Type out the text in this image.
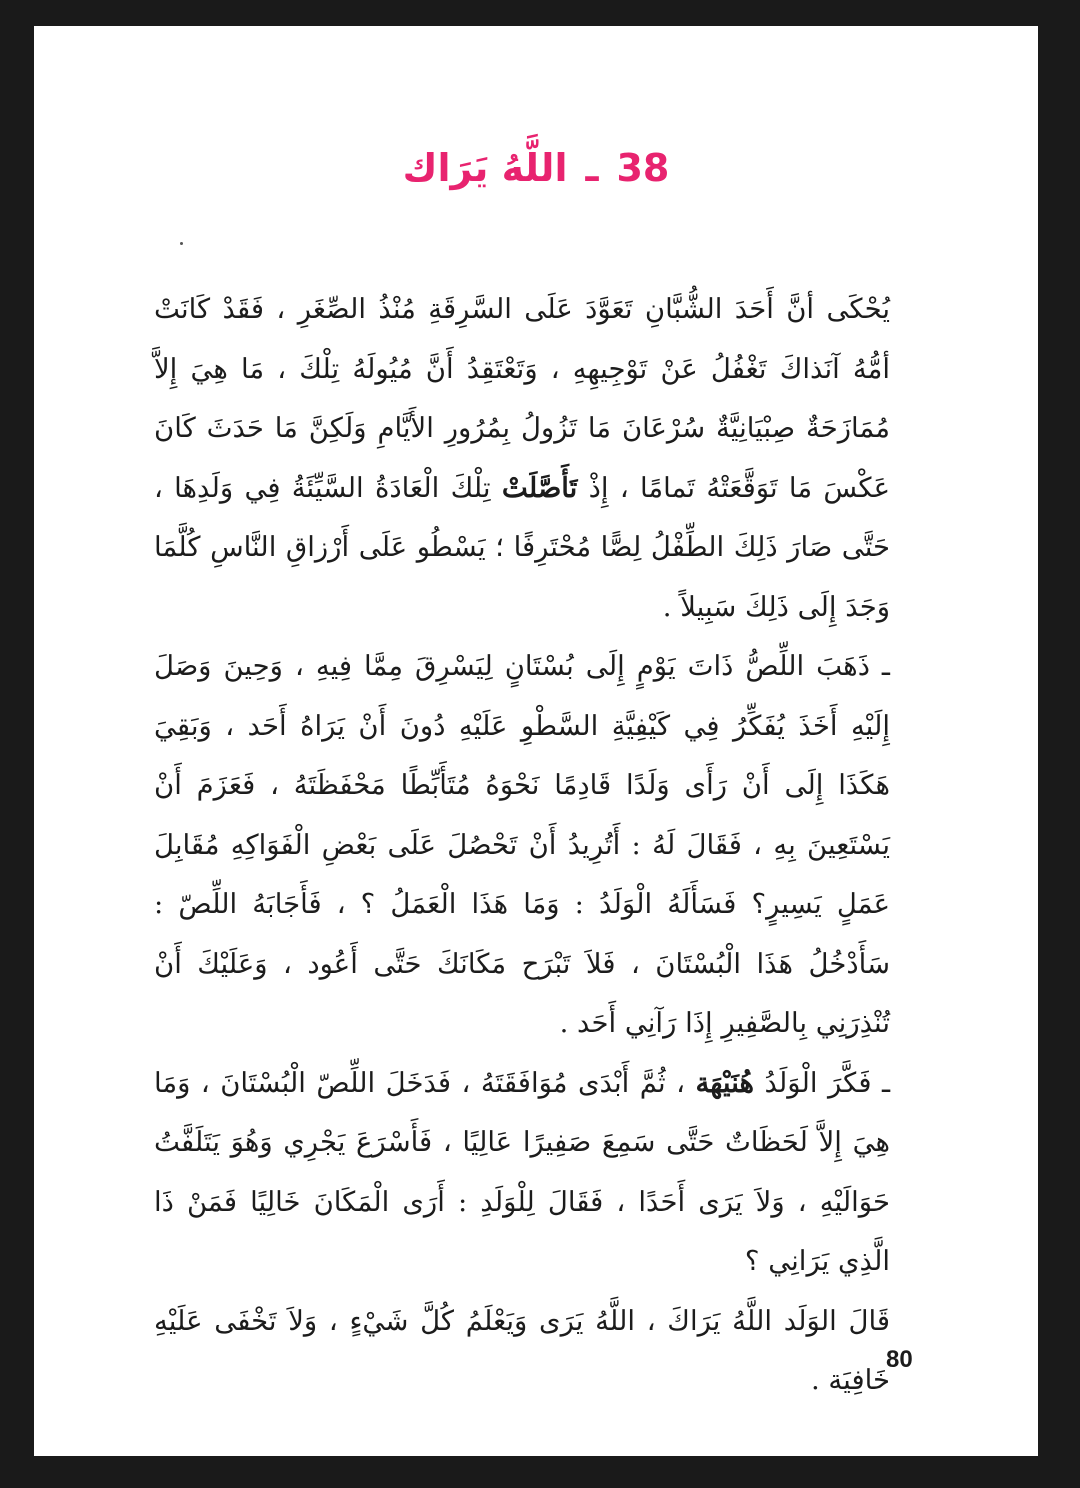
38ـاللَّهُ يَرَاك

يُحْكَى أنَّ أَحَدَ الشُّبَّانِ تَعَوَّدَ عَلَى السَّرِقَةِ مُنْذُ الصِّغَرِ ، فَقَدْ كَانَتْ أمُّهُ آنَذاكَ تَغْفُلُ عَنْ تَوْجِيهِهِ ، وَتَعْتَقِدُ أَنَّ مُيُولَهُ تِلْكَ ، مَا هِيَ إِلاَّ مُمَازَحَةٌ صِبْيَانِيَّةٌ سُرْعَانَ مَا تَزُولُ بِمُرُورِ الأَيَّامِ وَلَكِنَّ مَا حَدَثَ كَانَ عَكْسَ مَا تَوَقَّعَتْهُ تَمامًا ، إِذْ تَأَصَّلَتْ تِلْكَ الْعَادَةُ السَّيِّئَةُ فِي وَلَدِهَا ، حَتَّى صَارَ ذَلِكَ الطِّفْلُ لِصًّا مُحْتَرِفًا ؛ يَسْطُو عَلَى أَرْزاقِ النَّاسِ كُلَّمَا وَجَدَ إِلَى ذَلِكَ سَبِيلاً .

ـ ذَهَبَ اللِّصُّ ذَاتَ يَوْمٍ إِلَى بُسْتَانٍ لِيَسْرِقَ مِمَّا فِيهِ ، وَحِينَ وَصَلَ إِلَيْهِ أَخَذَ يُفَكِّرُ فِي كَيْفِيَّةِ السَّطْوِ عَلَيْهِ دُونَ أَنْ يَرَاهُ أَحَد ، وَبَقِيَ هَكَذَا إِلَى أَنْ رَأَى وَلَدًا قَادِمًا نَحْوَهُ مُتَأَبِّطًا مَحْفَظَتَهُ ، فَعَزَمَ أَنْ يَسْتَعِينَ بِهِ ، فَقَالَ لَهُ : أَتُرِيدُ أَنْ تَحْصُلَ عَلَى بَعْضِ الْفَوَاكِهِ مُقَابِلَ عَمَلٍ يَسِيرٍ؟ فَسَأَلَهُ الْوَلَدُ : وَمَا هَذَا الْعَمَلُ ؟ ، فَأَجَابَهُ اللِّصّ : سَأَدْخُلُ هَذَا الْبُسْتَانَ ، فَلاَ تَبْرَح مَكَانَكَ حَتَّى أَعُود ، وَعَلَيْكَ أَنْ تُنْذِرَنِي بِالصَّفِيرِ إِذَا رَآنِي أَحَد .

ـ فَكَّرَ الْوَلَدُ هُنَيْهَة ، ثُمَّ أَبْدَى مُوَافَقَتَهُ ، فَدَخَلَ اللِّصّ الْبُسْتَانَ ، وَمَا هِيَ إِلاَّ لَحَظَاتٌ حَتَّى سَمِعَ صَفِيرًا عَالِيًا ، فَأَسْرَعَ يَجْرِي وَهُوَ يَتَلَفَّتُ حَوَالَيْهِ ، وَلاَ يَرَى أَحَدًا ، فَقَالَ لِلْوَلَدِ : أَرَى الْمَكَانَ خَالِيًا فَمَنْ ذَا الَّذِي يَرَانِي ؟

قَالَ الوَلَد اللَّهُ يَرَاكَ ، اللَّهُ يَرَى وَيَعْلَمُ كُلَّ شَيْءٍ ، وَلاَ تَخْفَى عَلَيْهِ خَافِيَة .

80
